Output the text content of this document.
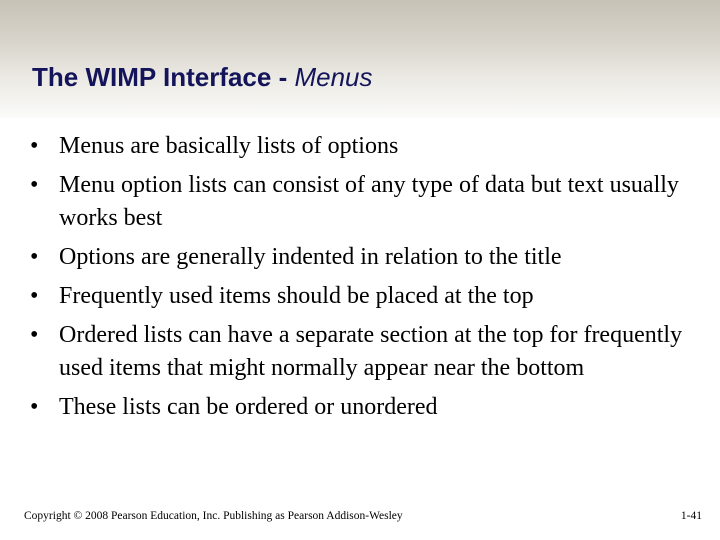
The WIMP Interface - Menus
• Menus are basically lists of options
• Menu option lists can consist of any type of data but text usually works best
• Options are generally indented in relation to the title
• Frequently used items should be placed at the top
• Ordered lists can have a separate section at the top for frequently used items that might normally appear near the bottom
• These lists can be ordered or unordered
Copyright © 2008 Pearson Education, Inc. Publishing as Pearson Addison-Wesley	1-41
